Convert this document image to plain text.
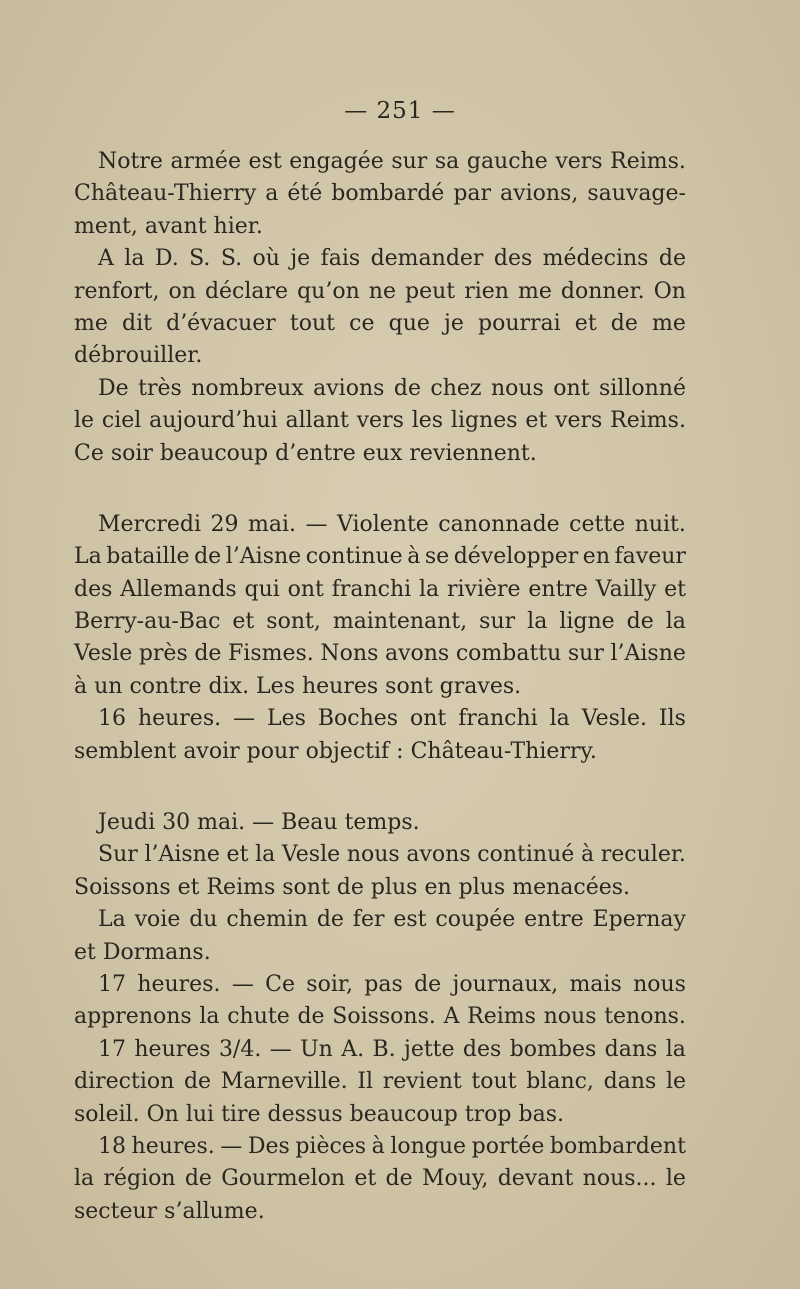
— 251 —
Notre armée est engagée sur sa gauche vers Reims.
Château-Thierry a été bombardé par avions, sauvage-
ment, avant hier.
A la D. S. S. où je fais demander des médecins de
renfort, on déclare qu’on ne peut rien me donner. On
me dit d’évacuer tout ce que je pourrai et de me
débrouiller.
De très nombreux avions de chez nous ont sillonné
le ciel aujourd’hui allant vers les lignes et vers Reims.
Ce soir beaucoup d’entre eux reviennent.
Mercredi 29 mai. — Violente canonnade cette nuit.
La bataille de l’Aisne continue à se développer en faveur
des Allemands qui ont franchi la rivière entre Vailly et
Berry-au-Bac et sont, maintenant, sur la ligne de la
Vesle près de Fismes. Nons avons combattu sur l’Aisne
à un contre dix. Les heures sont graves.
16 heures. — Les Boches ont franchi la Vesle. Ils
semblent avoir pour objectif : Château-Thierry.
Jeudi 30 mai. — Beau temps.
Sur l’Aisne et la Vesle nous avons continué à reculer.
Soissons et Reims sont de plus en plus menacées.
La voie du chemin de fer est coupée entre Epernay
et Dormans.
17 heures. — Ce soir, pas de journaux, mais nous
apprenons la chute de Soissons. A Reims nous tenons.
17 heures 3/4. — Un A. B. jette des bombes dans la
direction de Marneville. Il revient tout blanc, dans le
soleil. On lui tire dessus beaucoup trop bas.
18 heures. — Des pièces à longue portée bombardent
la région de Gourmelon et de Mouy, devant nous... le
secteur s’allume.
